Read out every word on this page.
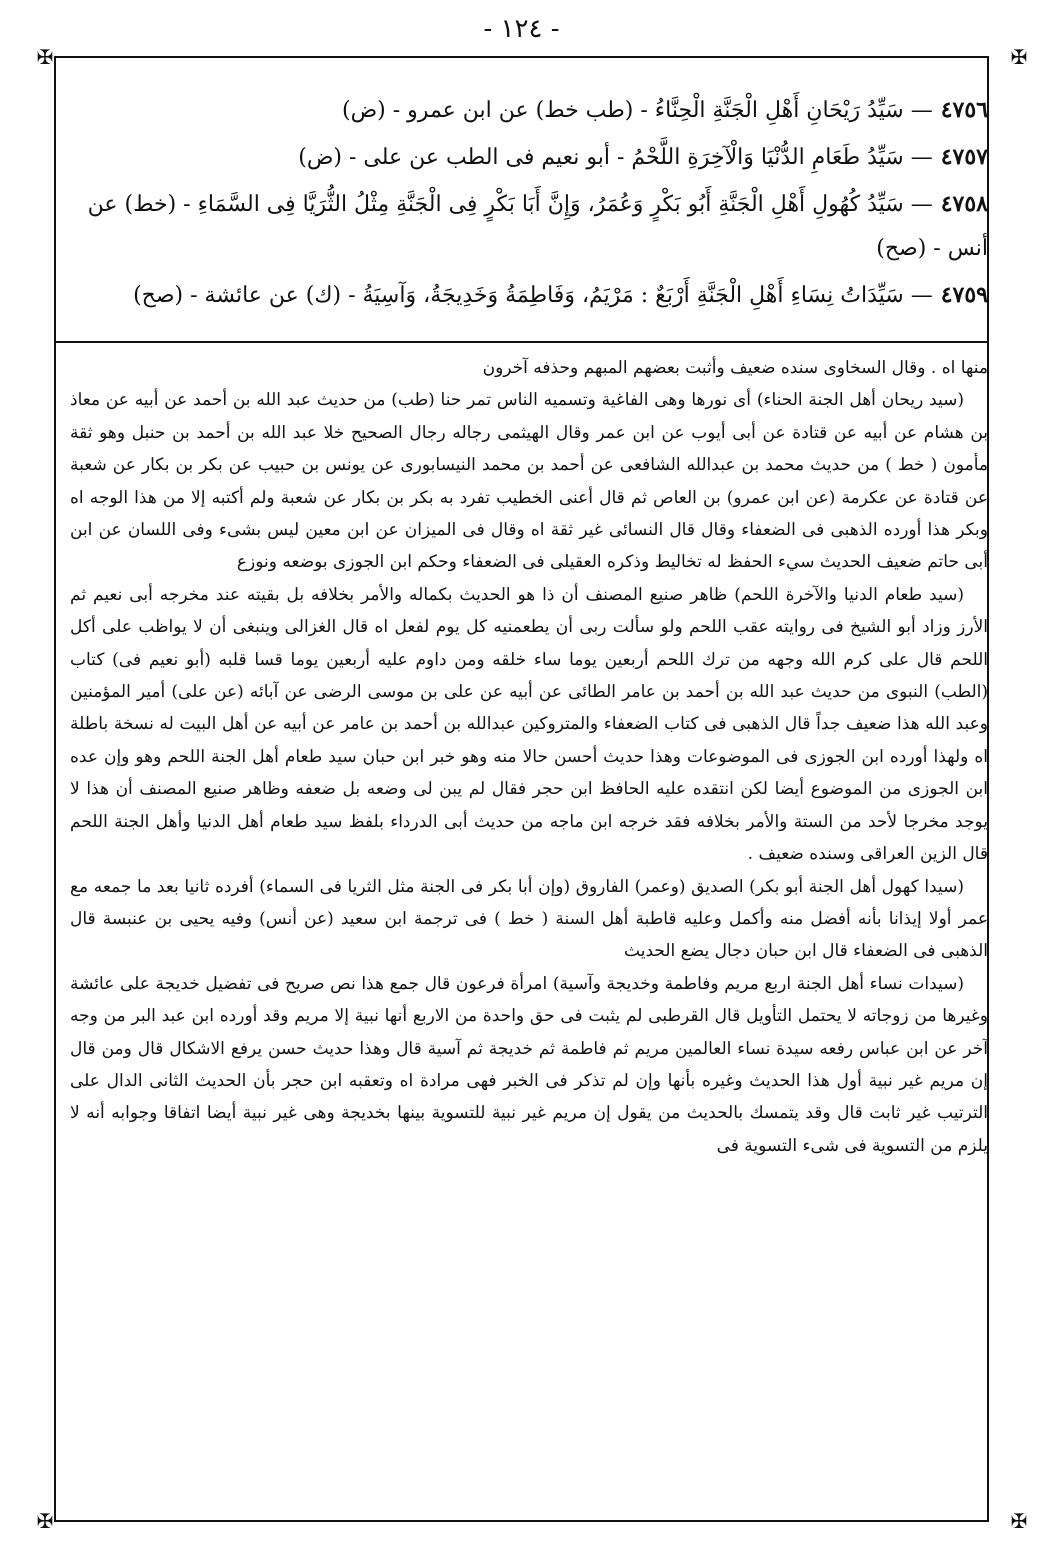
- ١٢٤ -
✠	✠
✠	✠
٤٧٥٦— سَيِّدُ رَيْحَانِ أَهْلِ الْجَنَّةِ الْحِنَّاءُ - (طب خط) عن ابن عمرو - (ض)
٤٧٥٧— سَيِّدُ طَعَامِ الدُّنْيَا وَالْآخِرَةِ اللَّحْمُ - أبو نعيم فى الطب عن على - (ض)
٤٧٥٨— سَيِّدُ كُهُولِ أَهْلِ الْجَنَّةِ أَبُو بَكْرٍ وَعُمَرُ، وَإِنَّ أَبَا بَكْرٍ فِى الْجَنَّةِ مِثْلُ الثُّرَيَّا فِى السَّمَاءِ - (خط) عن أنس - (صح)
٤٧٥٩— سَيِّدَاتُ نِسَاءِ أَهْلِ الْجَنَّةِ أَرْبَعٌ : مَرْيَمُ، وَفَاطِمَةُ وَخَدِيجَةُ، وَآسِيَةُ - (ك) عن عائشة - (صح)

منها اه . وقال السخاوى سنده ضعيف وأثبت بعضهم المبهم وحذفه آخرون

(سيد ريحان أهل الجنة الحناء) أى نورها وهى الفاغية وتسميه الناس تمر حنا (طب) من حديث عبد الله بن أحمد عن أبيه عن معاذ بن هشام عن أبيه عن قتادة عن أبى أيوب عن ابن عمر وقال الهيثمى رجاله رجال الصحيح خلا عبد الله بن أحمد بن حنبل وهو ثقة مأمون ( خط ) من حديث محمد بن عبدالله الشافعى عن أحمد بن محمد النيسابورى عن يونس بن حبيب عن بكر بن بكار عن شعبة عن قتادة عن عكرمة (عن ابن عمرو) بن العاص ثم قال أعنى الخطيب تفرد به بكر بن بكار عن شعبة ولم أكتبه إلا من هذا الوجه اه وبكر هذا أورده الذهبى فى الضعفاء وقال قال النسائى غير ثقة اه وقال فى الميزان عن ابن معين ليس بشىء وفى اللسان عن ابن أبى حاتم ضعيف الحديث سيء الحفظ له تخاليط وذكره العقيلى فى الضعفاء وحكم ابن الجوزى بوضعه ونوزع

(سيد طعام الدنيا والآخرة اللحم) ظاهر صنيع المصنف أن ذا هو الحديث بكماله والأمر بخلافه بل بقيته عند مخرجه أبى نعيم ثم الأرز وزاد أبو الشيخ فى روايته عقب اللحم ولو سألت ربى أن يطعمنيه كل يوم لفعل اه قال الغزالى وينبغى أن لا يواظب على أكل اللحم قال على كرم الله وجهه من ترك اللحم أربعين يوما ساء خلقه ومن داوم عليه أربعين يوما قسا قلبه (أبو نعيم فى) كتاب (الطب) النبوى من حديث عبد الله بن أحمد بن عامر الطائى عن أبيه عن على بن موسى الرضى عن آبائه (عن على) أمير المؤمنين وعبد الله هذا ضعيف جداً قال الذهبى فى كتاب الضعفاء والمتروكين عبدالله بن أحمد بن عامر عن أبيه عن أهل البيت له نسخة باطلة اه ولهذا أورده ابن الجوزى فى الموضوعات وهذا حديث أحسن حالا منه وهو خبر ابن حبان سيد طعام أهل الجنة اللحم وهو وإن عده ابن الجوزى من الموضوع أيضا لكن انتقده عليه الحافظ ابن حجر فقال لم يبن لى وضعه بل ضعفه وظاهر صنيع المصنف أن هذا لا يوجد مخرجا لأحد من الستة والأمر بخلافه فقد خرجه ابن ماجه من حديث أبى الدرداء بلفظ سيد طعام أهل الدنيا وأهل الجنة اللحم قال الزين العراقى وسنده ضعيف .

(سيدا كهول أهل الجنة أبو بكر) الصديق (وعمر) الفاروق (وإن أبا بكر فى الجنة مثل الثريا فى السماء) أفرده ثانيا بعد ما جمعه مع عمر أولا إيذانا بأنه أفضل منه وأكمل وعليه قاطبة أهل السنة ( خط ) فى ترجمة ابن سعيد (عن أنس) وفيه يحيى بن عنبسة قال الذهبى فى الضعفاء قال ابن حبان دجال يضع الحديث

(سيدات نساء أهل الجنة اربع مريم وفاطمة وخديجة وآسية) امرأة فرعون قال جمع هذا نص صريح فى تفضيل خديجة على عائشة وغيرها من زوجاته لا يحتمل التأويل قال القرطبى لم يثبت فى حق واحدة من الاربع أنها نبية إلا مريم وقد أورده ابن عبد البر من وجه آخر عن ابن عباس رفعه سيدة نساء العالمين مريم ثم فاطمة ثم خديجة ثم آسية قال وهذا حديث حسن يرفع الاشكال قال ومن قال إن مريم غير نبية أول هذا الحديث وغيره بأنها وإن لم تذكر فى الخبر فهى مرادة اه وتعقبه ابن حجر بأن الحديث الثانى الدال على الترتيب غير ثابت قال وقد يتمسك بالحديث من يقول إن مريم غير نبية للتسوية بينها بخديجة وهى غير نبية أيضا اتفاقا وجوابه أنه لا يلزم من التسوية فى شىء التسوية فى
